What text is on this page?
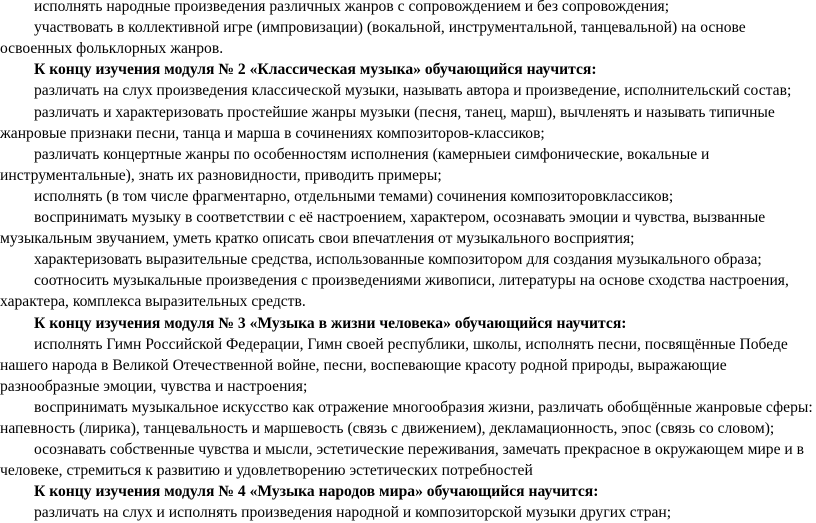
исполнять народные произведения различных жанров с сопровождением и без сопровождения;
участвовать в коллективной игре (импровизации) (вокальной, инструментальной, танцевальной) на основе
освоенных фольклорных жанров.
К концу изучения модуля № 2 «Классическая музыка» обучающийся научится:
различать на слух произведения классической музыки, называть автора и произведение, исполнительский состав;
различать и характеризовать простейшие жанры музыки (песня, танец, марш), вычленять и называть типичные
жанровые признаки песни, танца и марша в сочинениях композиторов-классиков;
различать концертные жанры по особенностям исполнения (камерныеи симфонические, вокальные и
инструментальные), знать их разновидности, приводить примеры;
исполнять (в том числе фрагментарно, отдельными темами) сочинения композиторовклассиков;
воспринимать музыку в соответствии с её настроением, характером, осознавать эмоции и чувства, вызванные
музыкальным звучанием, уметь кратко описать свои впечатления от музыкального восприятия;
характеризовать выразительные средства, использованные композитором для создания музыкального образа;
соотносить музыкальные произведения с произведениями живописи, литературы на основе сходства настроения,
характера, комплекса выразительных средств.
К концу изучения модуля № 3 «Музыка в жизни человека» обучающийся научится:
исполнять Гимн Российской Федерации, Гимн своей республики, школы, исполнять песни, посвящённые Победе
нашего народа в Великой Отечественной войне, песни, воспевающие красоту родной природы, выражающие
разнообразные эмоции, чувства и настроения;
воспринимать музыкальное искусство как отражение многообразия жизни, различать обобщённые жанровые сферы:
напевность (лирика), танцевальность и маршевость (связь с движением), декламационность, эпос (связь со словом);
осознавать собственные чувства и мысли, эстетические переживания, замечать прекрасное в окружающем мире и в
человеке, стремиться к развитию и удовлетворению эстетических потребностей
К концу изучения модуля № 4 «Музыка народов мира» обучающийся научится:
различать на слух и исполнять произведения народной и композиторской музыки других стран;
